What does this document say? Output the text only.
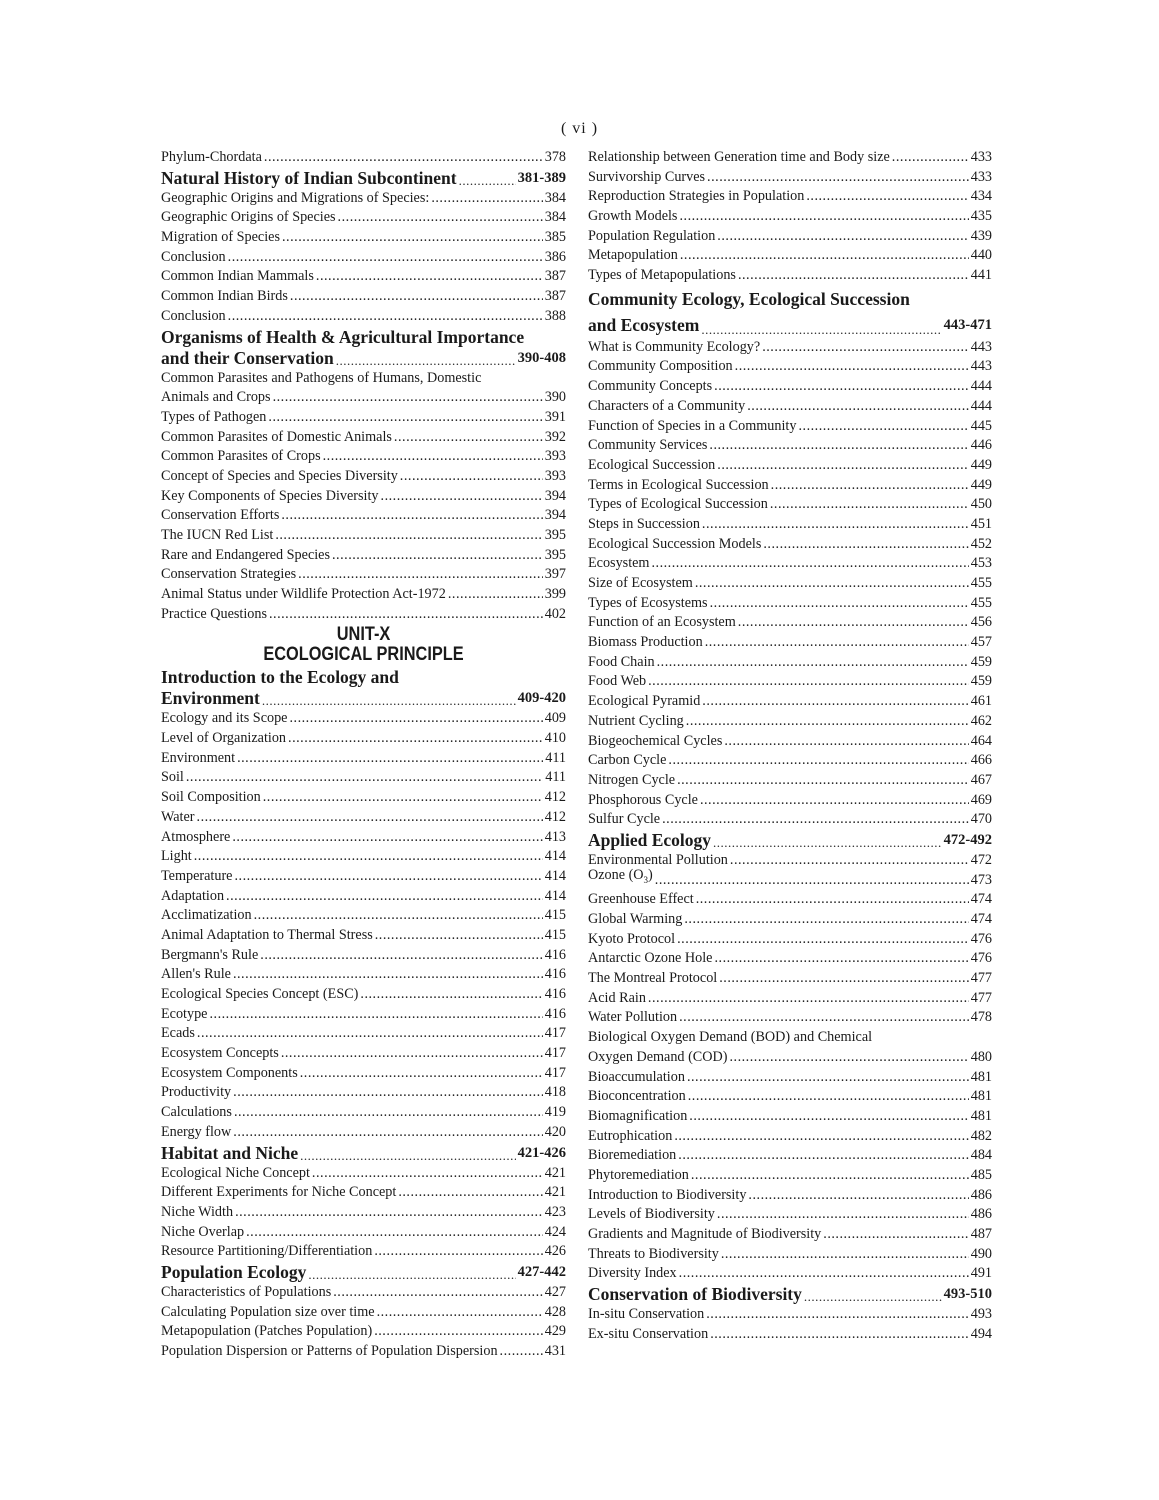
( vi )
Phylum-Chordata .....	378
Natural History of Indian Subcontinent .....	381-389
Geographic Origins and Migrations of Species: .....	384
Geographic Origins of Species .....	384
Migration of Species .....	385
Conclusion .....	386
Common Indian Mammals .....	387
Common Indian Birds .....	387
Conclusion .....	388
Organisms of Health & Agricultural Importance
and their Conservation .....	390-408
Common Parasites and Pathogens of Humans, Domestic
Animals and Crops .....	390
Types of Pathogen .....	391
Common Parasites of Domestic Animals .....	392
Common Parasites of Crops .....	393
Concept of Species and Species Diversity .....	393
Key Components of Species Diversity .....	394
Conservation Efforts .....	394
The IUCN Red List .....	395
Rare and Endangered Species .....	395
Conservation Strategies .....	397
Animal Status under Wildlife Protection Act-1972 .....	399
Practice Questions .....	402
UNIT-X
ECOLOGICAL PRINCIPLE
Introduction to the Ecology and
Environment .....	409-420
Ecology and its Scope .....	409
Level of Organization .....	410
Environment .....	411
Soil .....	411
Soil Composition .....	412
Water .....	412
Atmosphere .....	413
Light .....	414
Temperature .....	414
Adaptation .....	414
Acclimatization .....	415
Animal Adaptation to Thermal Stress .....	415
Bergmann's Rule .....	416
Allen's Rule .....	416
Ecological Species Concept (ESC) .....	416
Ecotype .....	416
Ecads .....	417
Ecosystem Concepts .....	417
Ecosystem Components .....	417
Productivity .....	418
Calculations .....	419
Energy flow .....	420
Habitat and Niche .....	421-426
Ecological Niche Concept .....	421
Different Experiments for Niche Concept .....	421
Niche Width .....	423
Niche Overlap .....	424
Resource Partitioning/Differentiation .....	426
Population Ecology .....	427-442
Characteristics of Populations .....	427
Calculating Population size over time .....	428
Metapopulation (Patches Population) .....	429
Population Dispersion or Patterns of Population Dispersion .....	431
Relationship between Generation time and Body size .....	433
Survivorship Curves .....	433
Reproduction Strategies in Population .....	434
Growth Models .....	435
Population Regulation .....	439
Metapopulation .....	440
Types of Metapopulations .....	441
Community Ecology, Ecological Succession
and Ecosystem .....	443-471
What is Community Ecology? .....	443
Community Composition .....	443
Community Concepts .....	444
Characters of a Community .....	444
Function of Species in a Community .....	445
Community Services .....	446
Ecological Succession .....	449
Terms in Ecological Succession .....	449
Types of Ecological Succession .....	450
Steps in Succession .....	451
Ecological Succession Models .....	452
Ecosystem .....	453
Size of Ecosystem .....	455
Types of Ecosystems .....	455
Function of an Ecosystem .....	456
Biomass Production .....	457
Food Chain .....	459
Food Web .....	459
Ecological Pyramid .....	461
Nutrient Cycling .....	462
Biogeochemical Cycles .....	464
Carbon Cycle .....	466
Nitrogen Cycle .....	467
Phosphorous Cycle .....	469
Sulfur Cycle .....	470
Applied Ecology .....	472-492
Environmental Pollution .....	472
Ozone $(O_3)$ .....	473
Greenhouse Effect .....	474
Global Warming .....	474
Kyoto Protocol .....	476
Antarctic Ozone Hole .....	476
The Montreal Protocol .....	477
Acid Rain .....	477
Water Pollution .....	478
Biological Oxygen Demand (BOD) and Chemical
Oxygen Demand (COD) .....	480
Bioaccumulation .....	481
Bioconcentration .....	481
Biomagnification .....	481
Eutrophication .....	482
Bioremediation .....	484
Phytoremediation .....	485
Introduction to Biodiversity .....	486
Levels of Biodiversity .....	486
Gradients and Magnitude of Biodiversity .....	487
Threats to Biodiversity .....	490
Diversity Index .....	491
Conservation of Biodiversity .....	493-510
In-situ Conservation .....	493
Ex-situ Conservation .....	494
